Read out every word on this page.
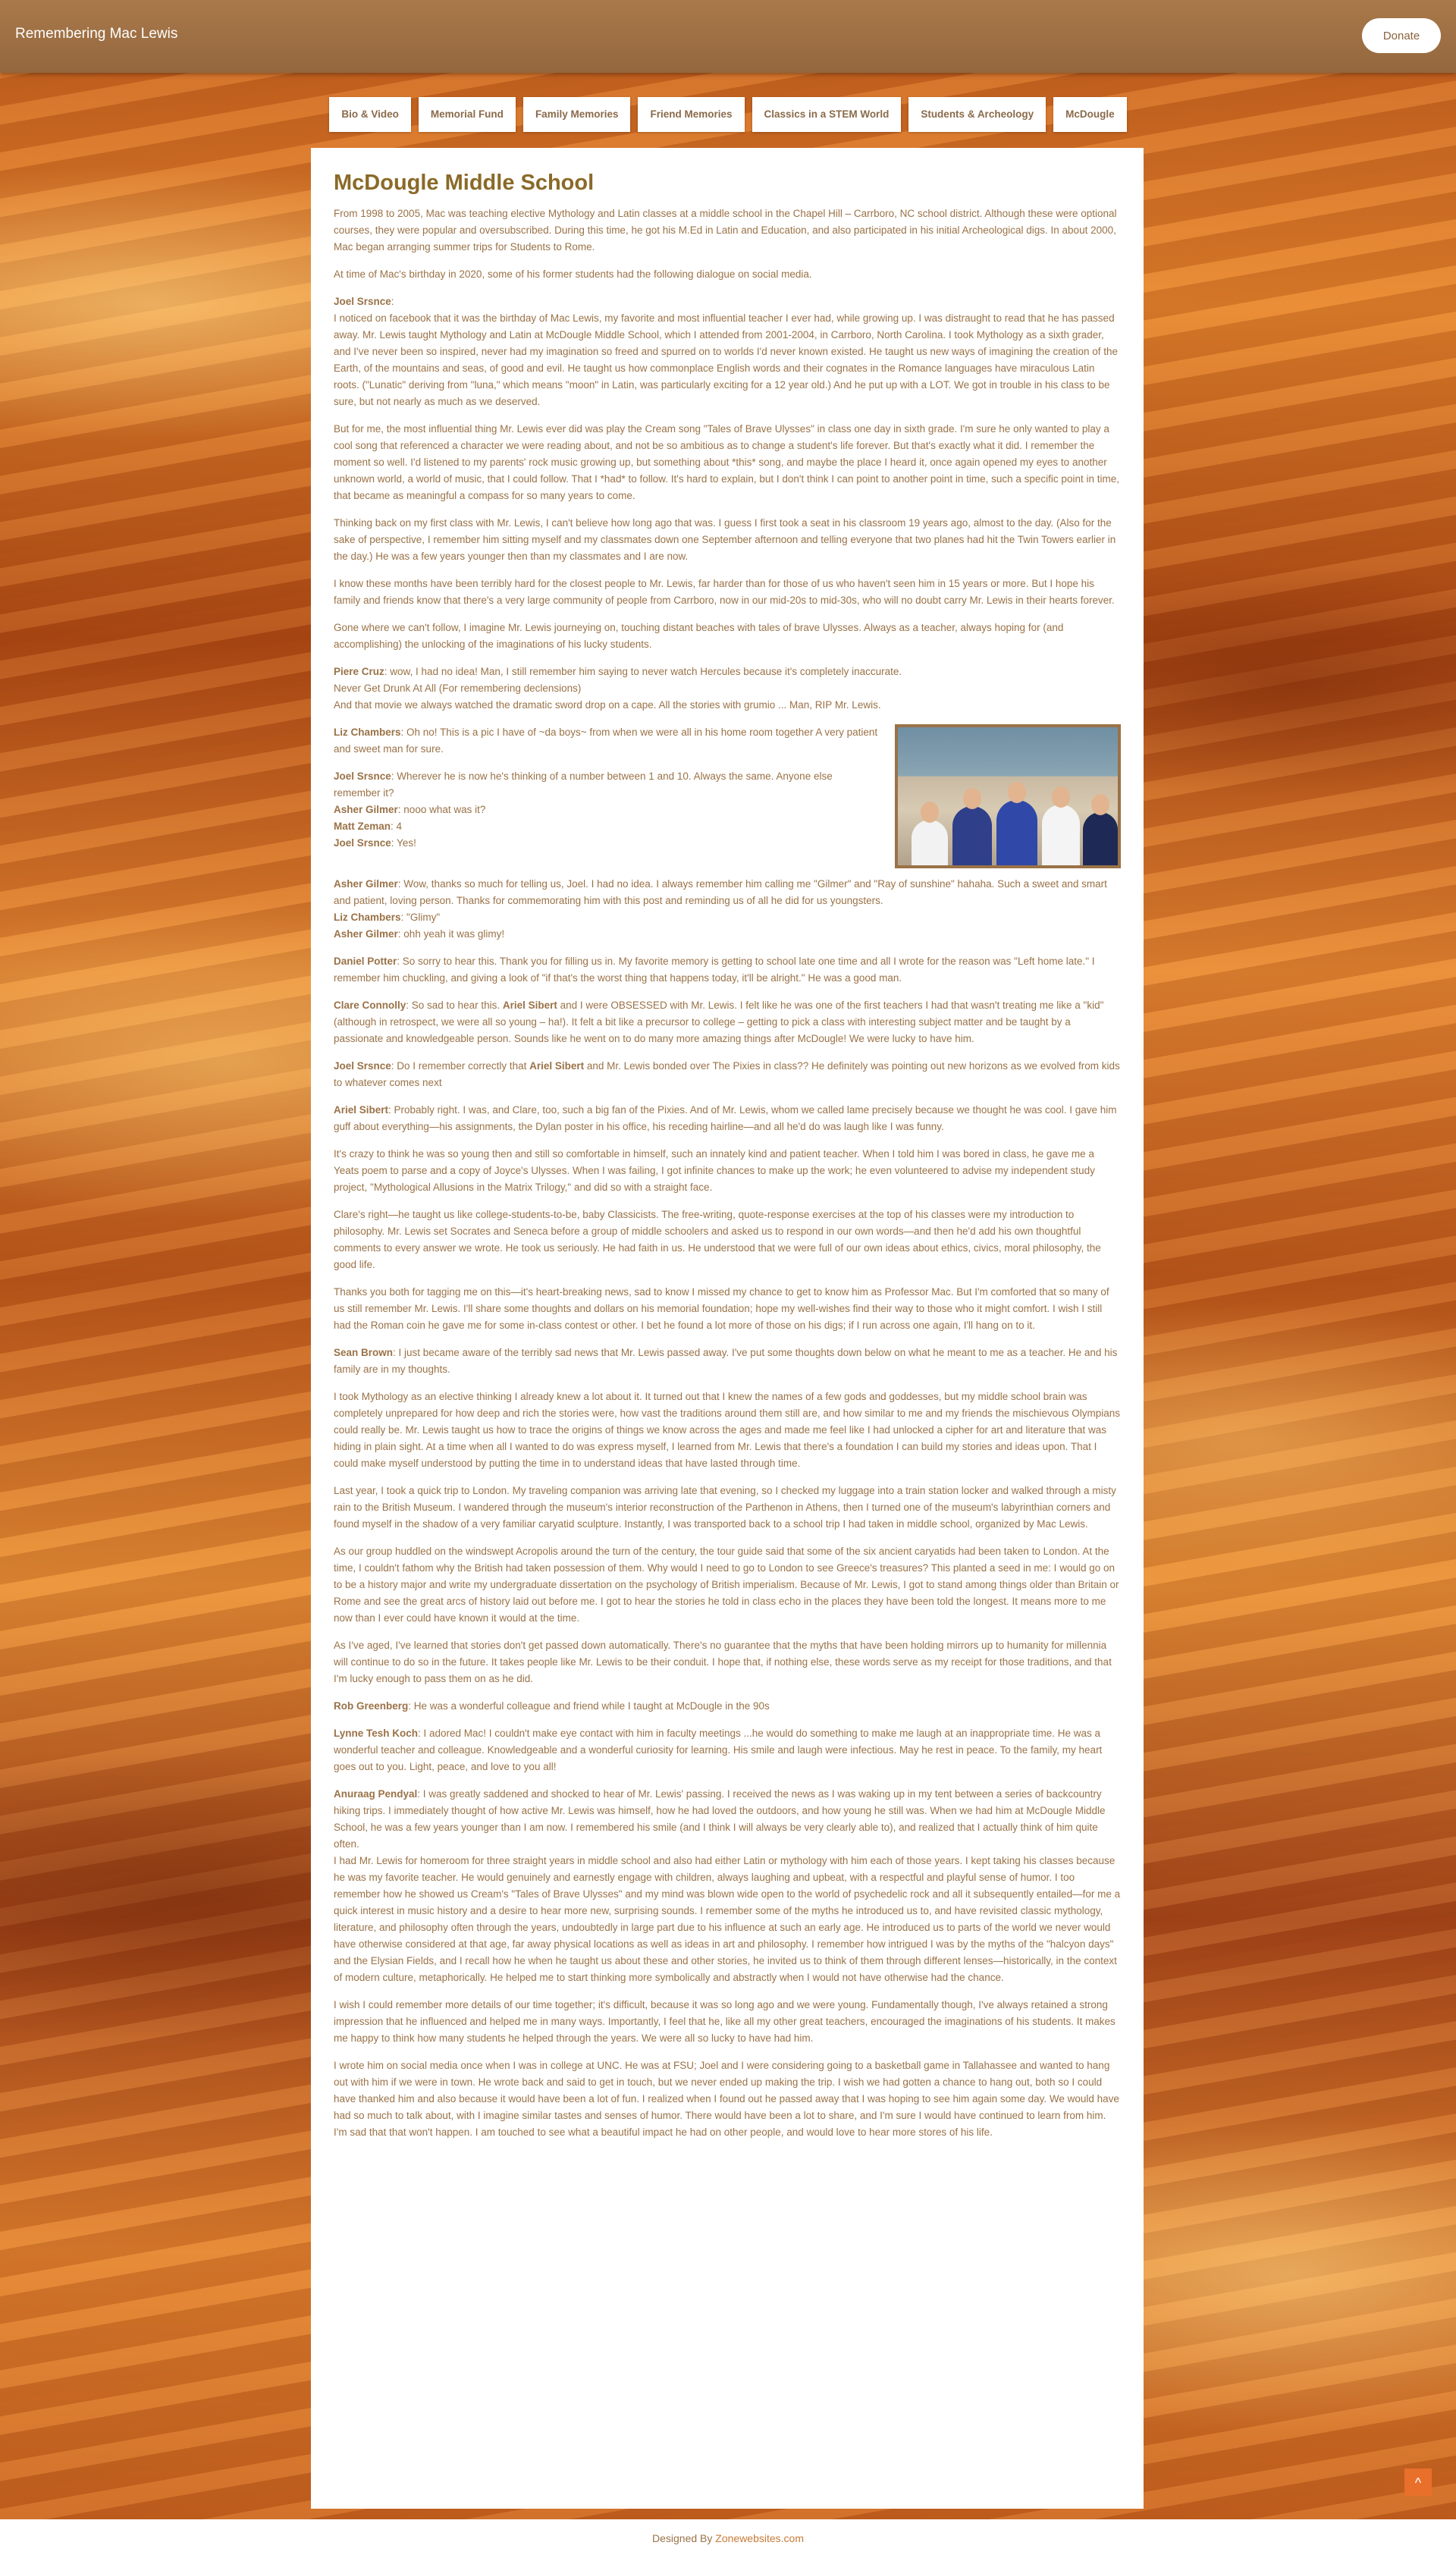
Remembering Mac Lewis	Donate
Bio & Video	Memorial Fund	Family Memories	Friend Memories	Classics in a STEM World	Students & Archeology	McDougle
McDougle Middle School

From 1998 to 2005, Mac was teaching elective Mythology and Latin classes at a middle school in the Chapel Hill – Carrboro, NC school district. Although these were optional courses, they were popular and oversubscribed. During this time, he got his M.Ed in Latin and Education, and also participated in his initial Archeological digs. In about 2000, Mac began arranging summer trips for Students to Rome.

At time of Mac's birthday in 2020, some of his former students had the following dialogue on social media.

Joel Srsnce:
I noticed on facebook that it was the birthday of Mac Lewis, my favorite and most influential teacher I ever had, while growing up. I was distraught to read that he has passed away. Mr. Lewis taught Mythology and Latin at McDougle Middle School, which I attended from 2001-2004, in Carrboro, North Carolina. I took Mythology as a sixth grader, and I've never been so inspired, never had my imagination so freed and spurred on to worlds I'd never known existed. He taught us new ways of imagining the creation of the Earth, of the mountains and seas, of good and evil. He taught us how commonplace English words and their cognates in the Romance languages have miraculous Latin roots. ("Lunatic" deriving from "luna," which means "moon" in Latin, was particularly exciting for a 12 year old.) And he put up with a LOT. We got in trouble in his class to be sure, but not nearly as much as we deserved.

But for me, the most influential thing Mr. Lewis ever did was play the Cream song "Tales of Brave Ulysses" in class one day in sixth grade. I'm sure he only wanted to play a cool song that referenced a character we were reading about, and not be so ambitious as to change a student's life forever. But that's exactly what it did. I remember the moment so well. I'd listened to my parents' rock music growing up, but something about *this* song, and maybe the place I heard it, once again opened my eyes to another unknown world, a world of music, that I could follow. That I *had* to follow. It's hard to explain, but I don't think I can point to another point in time, such a specific point in time, that became as meaningful a compass for so many years to come.

Thinking back on my first class with Mr. Lewis, I can't believe how long ago that was. I guess I first took a seat in his classroom 19 years ago, almost to the day. (Also for the sake of perspective, I remember him sitting myself and my classmates down one September afternoon and telling everyone that two planes had hit the Twin Towers earlier in the day.) He was a few years younger then than my classmates and I are now.

I know these months have been terribly hard for the closest people to Mr. Lewis, far harder than for those of us who haven't seen him in 15 years or more. But I hope his family and friends know that there's a very large community of people from Carrboro, now in our mid-20s to mid-30s, who will no doubt carry Mr. Lewis in their hearts forever.

Gone where we can't follow, I imagine Mr. Lewis journeying on, touching distant beaches with tales of brave Ulysses. Always as a teacher, always hoping for (and accomplishing) the unlocking of the imaginations of his lucky students.

Piere Cruz: wow, I had no idea! Man, I still remember him saying to never watch Hercules because it's completely inaccurate.
Never Get Drunk At All (For remembering declensions)
And that movie we always watched the dramatic sword drop on a cape. All the stories with grumio ... Man, RIP Mr. Lewis.
Liz Chambers: Oh no! This is a pic I have of ~da boys~ from when we were all in his home room together A very patient and sweet man for sure.
Joel Srsnce: Wherever he is now he's thinking of a number between 1 and 10. Always the same. Anyone else remember it?
Asher Gilmer: nooo what was it?
Matt Zeman: 4
Joel Srsnce: Yes!
Asher Gilmer: Wow, thanks so much for telling us, Joel. I had no idea. I always remember him calling me "Gilmer" and "Ray of sunshine" hahaha. Such a sweet and smart and patient, loving person. Thanks for commemorating him with this post and reminding us of all he did for us youngsters.
Liz Chambers: "Glimy"
Asher Gilmer: ohh yeah it was glimy!
Daniel Potter: So sorry to hear this. Thank you for filling us in. My favorite memory is getting to school late one time and all I wrote for the reason was "Left home late." I remember him chuckling, and giving a look of "if that's the worst thing that happens today, it'll be alright." He was a good man.
Clare Connolly: So sad to hear this. Ariel Sibert and I were OBSESSED with Mr. Lewis. I felt like he was one of the first teachers I had that wasn't treating me like a "kid" (although in retrospect, we were all so young – ha!). It felt a bit like a precursor to college – getting to pick a class with interesting subject matter and be taught by a passionate and knowledgeable person. Sounds like he went on to do many more amazing things after McDougle! We were lucky to have him.
Joel Srsnce: Do I remember correctly that Ariel Sibert and Mr. Lewis bonded over The Pixies in class?? He definitely was pointing out new horizons as we evolved from kids to whatever comes next
Ariel Sibert: Probably right. I was, and Clare, too, such a big fan of the Pixies. And of Mr. Lewis, whom we called lame precisely because we thought he was cool. I gave him guff about everything—his assignments, the Dylan poster in his office, his receding hairline—and all he'd do was laugh like I was funny.

It's crazy to think he was so young then and still so comfortable in himself, such an innately kind and patient teacher. When I told him I was bored in class, he gave me a Yeats poem to parse and a copy of Joyce's Ulysses. When I was failing, I got infinite chances to make up the work; he even volunteered to advise my independent study project, "Mythological Allusions in the Matrix Trilogy," and did so with a straight face.

Clare's right—he taught us like college-students-to-be, baby Classicists. The free-writing, quote-response exercises at the top of his classes were my introduction to philosophy. Mr. Lewis set Socrates and Seneca before a group of middle schoolers and asked us to respond in our own words—and then he'd add his own thoughtful comments to every answer we wrote. He took us seriously. He had faith in us. He understood that we were full of our own ideas about ethics, civics, moral philosophy, the good life.

Thanks you both for tagging me on this—it's heart-breaking news, sad to know I missed my chance to get to know him as Professor Mac. But I'm comforted that so many of us still remember Mr. Lewis. I'll share some thoughts and dollars on his memorial foundation; hope my well-wishes find their way to those who it might comfort. I wish I still had the Roman coin he gave me for some in-class contest or other. I bet he found a lot more of those on his digs; if I run across one again, I'll hang on to it.

Sean Brown: I just became aware of the terribly sad news that Mr. Lewis passed away. I've put some thoughts down below on what he meant to me as a teacher. He and his family are in my thoughts.

I took Mythology as an elective thinking I already knew a lot about it. It turned out that I knew the names of a few gods and goddesses, but my middle school brain was completely unprepared for how deep and rich the stories were, how vast the traditions around them still are, and how similar to me and my friends the mischievous Olympians could really be. Mr. Lewis taught us how to trace the origins of things we know across the ages and made me feel like I had unlocked a cipher for art and literature that was hiding in plain sight. At a time when all I wanted to do was express myself, I learned from Mr. Lewis that there's a foundation I can build my stories and ideas upon. That I could make myself understood by putting the time in to understand ideas that have lasted through time.

Last year, I took a quick trip to London. My traveling companion was arriving late that evening, so I checked my luggage into a train station locker and walked through a misty rain to the British Museum. I wandered through the museum's interior reconstruction of the Parthenon in Athens, then I turned one of the museum's labyrinthian corners and found myself in the shadow of a very familiar caryatid sculpture. Instantly, I was transported back to a school trip I had taken in middle school, organized by Mac Lewis.

As our group huddled on the windswept Acropolis around the turn of the century, the tour guide said that some of the six ancient caryatids had been taken to London. At the time, I couldn't fathom why the British had taken possession of them. Why would I need to go to London to see Greece's treasures? This planted a seed in me: I would go on to be a history major and write my undergraduate dissertation on the psychology of British imperialism. Because of Mr. Lewis, I got to stand among things older than Britain or Rome and see the great arcs of history laid out before me. I got to hear the stories he told in class echo in the places they have been told the longest. It means more to me now than I ever could have known it would at the time.

As I've aged, I've learned that stories don't get passed down automatically. There's no guarantee that the myths that have been holding mirrors up to humanity for millennia will continue to do so in the future. It takes people like Mr. Lewis to be their conduit. I hope that, if nothing else, these words serve as my receipt for those traditions, and that I'm lucky enough to pass them on as he did.

Rob Greenberg: He was a wonderful colleague and friend while I taught at McDougle in the 90s
Lynne Tesh Koch: I adored Mac! I couldn't make eye contact with him in faculty meetings ...he would do something to make me laugh at an inappropriate time. He was a wonderful teacher and colleague. Knowledgeable and a wonderful curiosity for learning. His smile and laugh were infectious. May he rest in peace. To the family, my heart goes out to you. Light, peace, and love to you all!
Anuraag Pendyal: I was greatly saddened and shocked to hear of Mr. Lewis' passing. I received the news as I was waking up in my tent between a series of backcountry hiking trips. I immediately thought of how active Mr. Lewis was himself, how he had loved the outdoors, and how young he still was. When we had him at McDougle Middle School, he was a few years younger than I am now. I remembered his smile (and I think I will always be very clearly able to), and realized that I actually think of him quite often.
I had Mr. Lewis for homeroom for three straight years in middle school and also had either Latin or mythology with him each of those years. I kept taking his classes because he was my favorite teacher. He would genuinely and earnestly engage with children, always laughing and upbeat, with a respectful and playful sense of humor. I too remember how he showed us Cream's "Tales of Brave Ulysses" and my mind was blown wide open to the world of psychedelic rock and all it subsequently entailed—for me a quick interest in music history and a desire to hear more new, surprising sounds. I remember some of the myths he introduced us to, and have revisited classic mythology, literature, and philosophy often through the years, undoubtedly in large part due to his influence at such an early age. He introduced us to parts of the world we never would have otherwise considered at that age, far away physical locations as well as ideas in art and philosophy. I remember how intrigued I was by the myths of the "halcyon days" and the Elysian Fields, and I recall how he when he taught us about these and other stories, he invited us to think of them through different lenses—historically, in the context of modern culture, metaphorically. He helped me to start thinking more symbolically and abstractly when I would not have otherwise had the chance.

I wish I could remember more details of our time together; it's difficult, because it was so long ago and we were young. Fundamentally though, I've always retained a strong impression that he influenced and helped me in many ways. Importantly, I feel that he, like all my other great teachers, encouraged the imaginations of his students. It makes me happy to think how many students he helped through the years. We were all so lucky to have had him.

I wrote him on social media once when I was in college at UNC. He was at FSU; Joel and I were considering going to a basketball game in Tallahassee and wanted to hang out with him if we were in town. He wrote back and said to get in touch, but we never ended up making the trip. I wish we had gotten a chance to hang out, both so I could have thanked him and also because it would have been a lot of fun. I realized when I found out he passed away that I was hoping to see him again some day. We would have had so much to talk about, with I imagine similar tastes and senses of humor. There would have been a lot to share, and I'm sure I would have continued to learn from him. I'm sad that that won't happen. I am touched to see what a beautiful impact he had on other people, and would love to hear more stores of his life.

^
Designed By Zonewebsites.com
